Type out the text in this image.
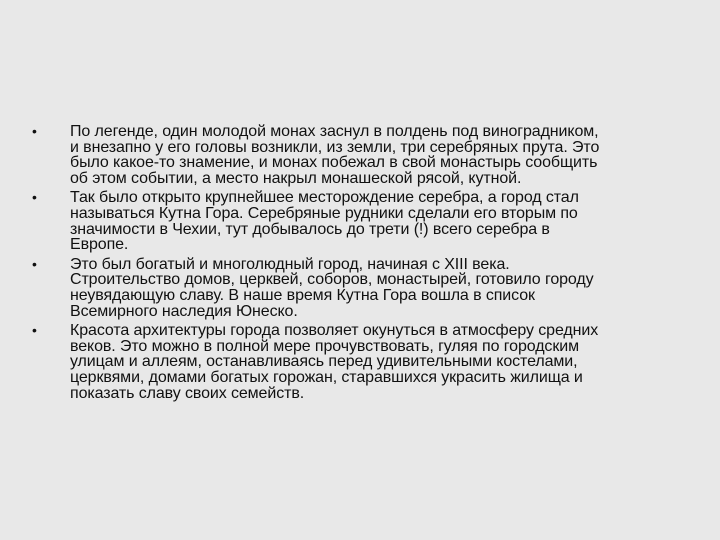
• По легенде, один молодой монах заснул в полдень под виноградником,
и внезапно у его головы возникли, из земли, три серебряных прута. Это
было какое-то знамение, и монах побежал в свой монастырь сообщить
об этом событии, а место накрыл монашеской рясой, кутной.
• Так было открыто крупнейшее месторождение серебра, а город стал
называться Кутна Гора. Серебряные рудники сделали его вторым по
значимости в Чехии, тут добывалось до трети (!) всего серебра в
Европе.
• Это был богатый и многолюдный город, начиная с XIII века.
Строительство домов, церквей, соборов, монастырей, готовило городу
неувядающую славу. В наше время Кутна Гора вошла в список
Всемирного наследия Юнеско.
• Красота архитектуры города позволяет окунуться в атмосферу средних
веков. Это можно в полной мере прочувствовать, гуляя по городским
улицам и аллеям, останавливаясь перед удивительными костелами,
церквями, домами богатых горожан, старавшихся украсить жилища и
показать славу своих семейств.
